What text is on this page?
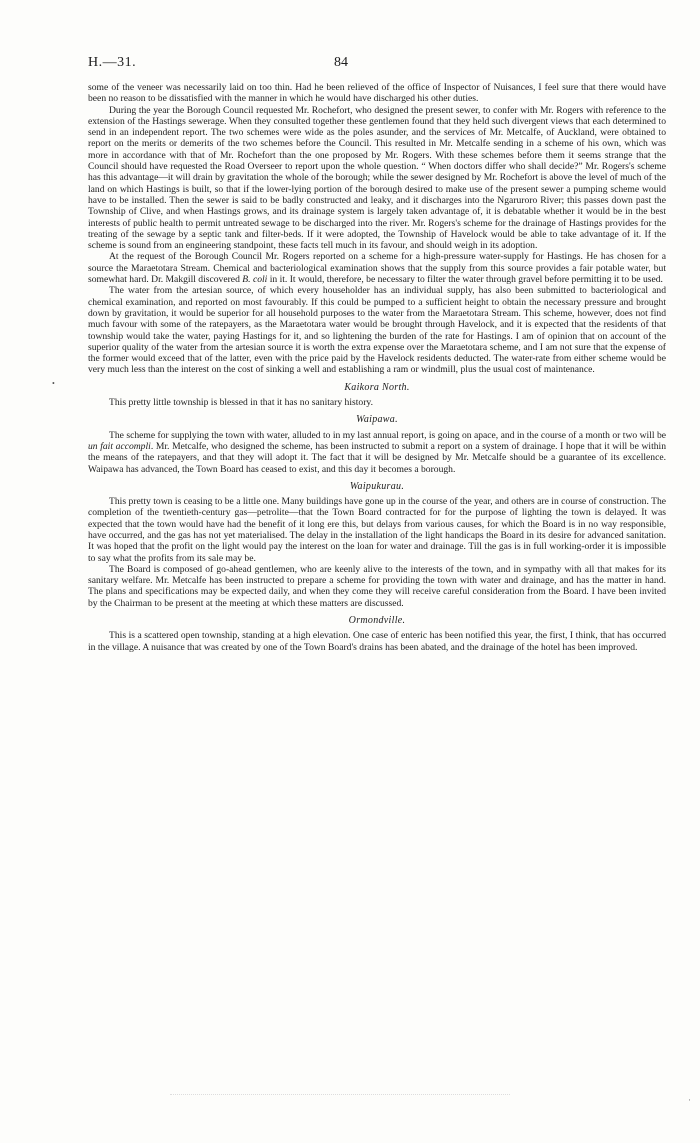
H.—31.	84

some of the veneer was necessarily laid on too thin. Had he been relieved of the office of Inspector of Nuisances, I feel sure that there would have been no reason to be dissatisfied with the manner in which he would have discharged his other duties.

During the year the Borough Council requested Mr. Rochefort, who designed the present sewer, to confer with Mr. Rogers with reference to the extension of the Hastings sewerage. When they consulted together these gentlemen found that they held such divergent views that each determined to send in an independent report. The two schemes were wide as the poles asunder, and the services of Mr. Metcalfe, of Auckland, were obtained to report on the merits or demerits of the two schemes before the Council. This resulted in Mr. Metcalfe sending in a scheme of his own, which was more in accordance with that of Mr. Rochefort than the one proposed by Mr. Rogers. With these schemes before them it seems strange that the Council should have requested the Road Overseer to report upon the whole question. “ When doctors differ who shall decide?” Mr. Rogers's scheme has this advantage—it will drain by gravitation the whole of the borough; while the sewer designed by Mr. Rochefort is above the level of much of the land on which Hastings is built, so that if the lower-lying portion of the borough desired to make use of the present sewer a pumping scheme would have to be installed. Then the sewer is said to be badly constructed and leaky, and it discharges into the Ngaruroro River; this passes down past the Township of Clive, and when Hastings grows, and its drainage system is largely taken advantage of, it is debatable whether it would be in the best interests of public health to permit untreated sewage to be discharged into the river. Mr. Rogers's scheme for the drainage of Hastings provides for the treating of the sewage by a septic tank and filter-beds. If it were adopted, the Township of Havelock would be able to take advantage of it. If the scheme is sound from an engineering standpoint, these facts tell much in its favour, and should weigh in its adoption.

At the request of the Borough Council Mr. Rogers reported on a scheme for a high-pressure water-supply for Hastings. He has chosen for a source the Maraetotara Stream. Chemical and bacteriological examination shows that the supply from this source provides a fair potable water, but somewhat hard. Dr. Makgill discovered B. coli in it. It would, therefore, be necessary to filter the water through gravel before permitting it to be used.

The water from the artesian source, of which every householder has an individual supply, has also been submitted to bacteriological and chemical examination, and reported on most favourably. If this could be pumped to a sufficient height to obtain the necessary pressure and brought down by gravitation, it would be superior for all household purposes to the water from the Maraetotara Stream. This scheme, however, does not find much favour with some of the ratepayers, as the Maraetotara water would be brought through Havelock, and it is expected that the residents of that township would take the water, paying Hastings for it, and so lightening the burden of the rate for Hastings. I am of opinion that on account of the superior quality of the water from the artesian source it is worth the extra expense over the Maraetotara scheme, and I am not sure that the expense of the former would exceed that of the latter, even with the price paid by the Havelock residents deducted. The water-rate from either scheme would be very much less than the interest on the cost of sinking a well and establishing a ram or windmill, plus the usual cost of maintenance.

Kaikora North.

This pretty little township is blessed in that it has no sanitary history.

Waipawa.

The scheme for supplying the town with water, alluded to in my last annual report, is going on apace, and in the course of a month or two will be un fait accompli. Mr. Metcalfe, who designed the scheme, has been instructed to submit a report on a system of drainage. I hope that it will be within the means of the ratepayers, and that they will adopt it. The fact that it will be designed by Mr. Metcalfe should be a guarantee of its excellence. Waipawa has advanced, the Town Board has ceased to exist, and this day it becomes a borough.

Waipukurau.

This pretty town is ceasing to be a little one. Many buildings have gone up in the course of the year, and others are in course of construction. The completion of the twentieth-century gas—petrolite—that the Town Board contracted for for the purpose of lighting the town is delayed. It was expected that the town would have had the benefit of it long ere this, but delays from various causes, for which the Board is in no way responsible, have occurred, and the gas has not yet materialised. The delay in the installation of the light handicaps the Board in its desire for advanced sanitation. It was hoped that the profit on the light would pay the interest on the loan for water and drainage. Till the gas is in full working-order it is impossible to say what the profits from its sale may be.

The Board is composed of go-ahead gentlemen, who are keenly alive to the interests of the town, and in sympathy with all that makes for its sanitary welfare. Mr. Metcalfe has been instructed to prepare a scheme for providing the town with water and drainage, and has the matter in hand. The plans and specifications may be expected daily, and when they come they will receive careful consideration from the Board. I have been invited by the Chairman to be present at the meeting at which these matters are discussed.

Ormondville.

This is a scattered open township, standing at a high elevation. One case of enteric has been notified this year, the first, I think, that has occurred in the village. A nuisance that was created by one of the Town Board's drains has been abated, and the drainage of the hotel has been improved.

•
·
